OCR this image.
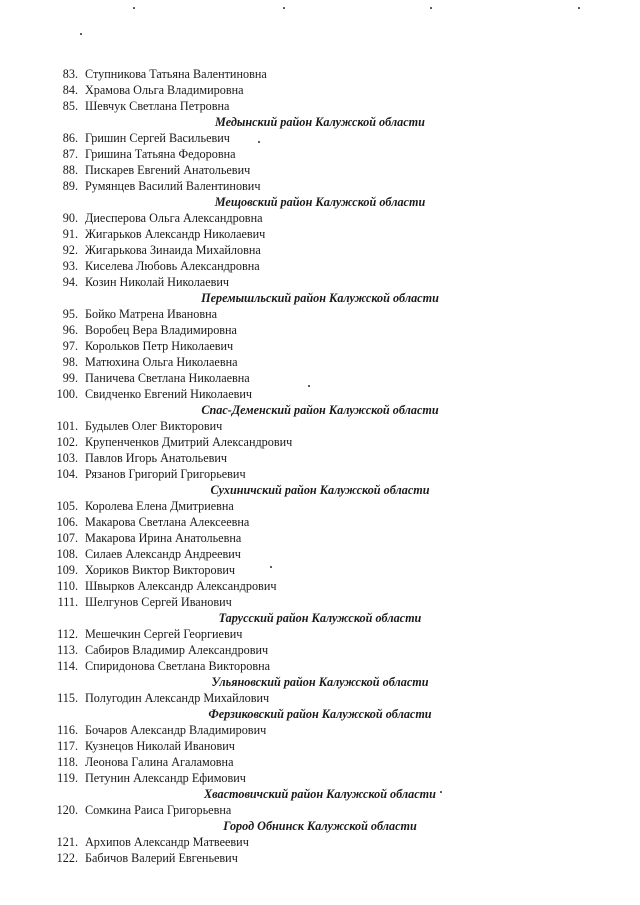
83. Ступникова Татьяна Валентиновна
84. Храмова Ольга Владимировна
85. Шевчук Светлана Петровна
Медынский район Калужской области
86. Гришин Сергей Васильевич
87. Гришина Татьяна Федоровна
88. Пискарев Евгений Анатольевич
89. Румянцев Василий Валентинович
Мещовский район Калужской области
90. Диесперова Ольга Александровна
91. Жигарьков Александр Николаевич
92. Жигарькова Зинаида Михайловна
93. Киселева Любовь Александровна
94. Козин Николай Николаевич
Перемышльский район Калужской области
95. Бойко Матрена Ивановна
96. Воробец Вера Владимировна
97. Корольков Петр Николаевич
98. Матюхина Ольга Николаевна
99. Паничева Светлана Николаевна
100. Свидченко Евгений Николаевич
Спас-Деменский район Калужской области
101. Будылев Олег Викторович
102. Крупенченков Дмитрий Александрович
103. Павлов Игорь Анатольевич
104. Рязанов Григорий Григорьевич
Сухиничский район Калужской области
105. Королева Елена Дмитриевна
106. Макарова Светлана Алексеевна
107. Макарова Ирина Анатольевна
108. Силаев Александр Андреевич
109. Хориков Виктор Викторович
110. Швырков Александр Александрович
111. Шелгунов Сергей Иванович
Тарусский район Калужской области
112. Мешечкин Сергей Георгиевич
113. Сабиров Владимир Александрович
114. Спиридонова Светлана Викторовна
Ульяновский район Калужской области
115. Полугодин Александр Михайлович
Ферзиковский район Калужской области
116. Бочаров Александр Владимирович
117. Кузнецов Николай Иванович
118. Леонова Галина Агаламовна
119. Петунин Александр Ефимович
Хвастовичский район Калужской области
120. Сомкина Раиса Григорьевна
Город Обнинск Калужской области
121. Архипов Александр Матвеевич
122. Бабичов Валерий Евгеньевич
